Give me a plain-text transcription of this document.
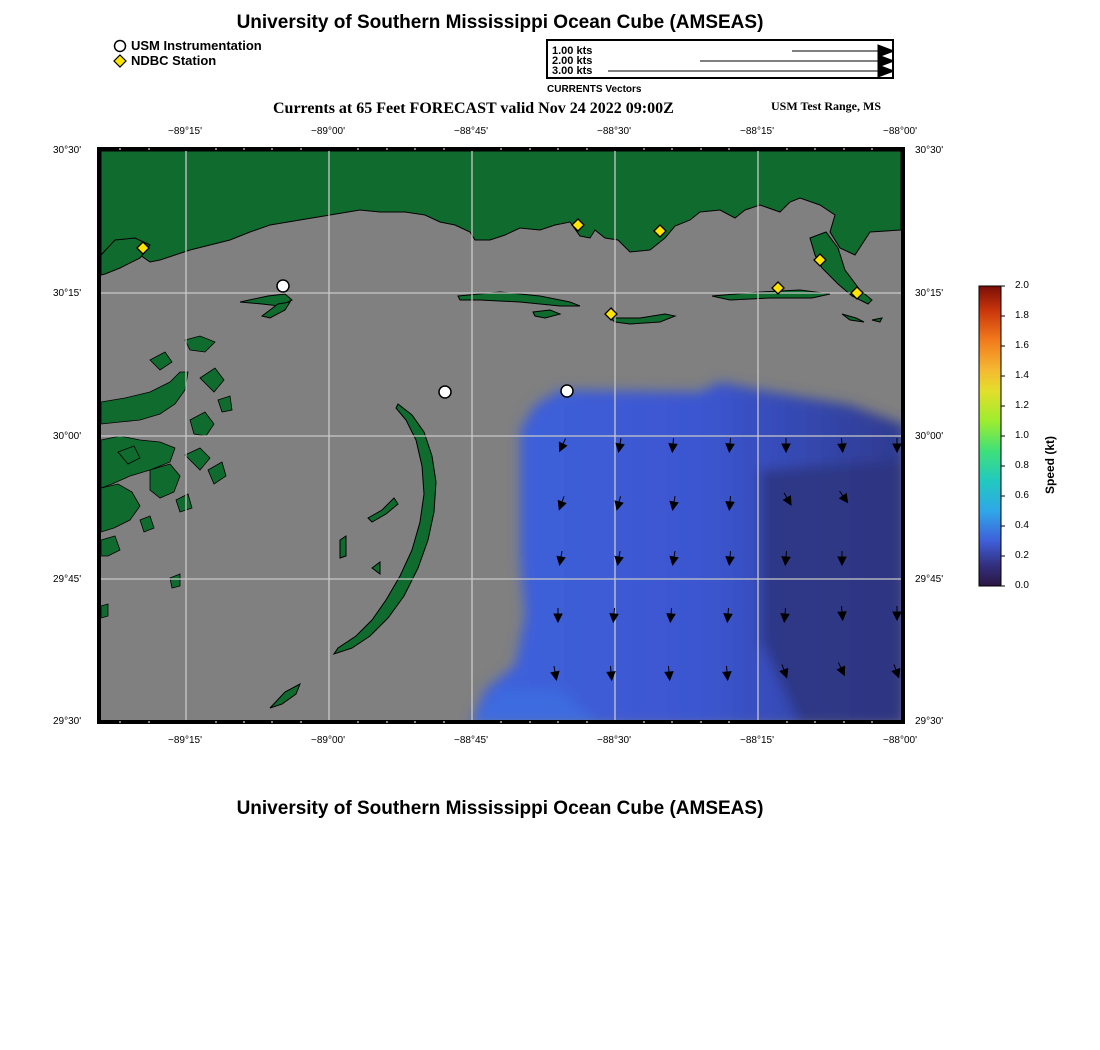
University of Southern Mississippi Ocean Cube (AMSEAS)
USM Instrumentation
NDBC Station
1.00 kts
2.00 kts
3.00 kts
CURRENTS Vectors
Currents at 65 Feet FORECAST valid Nov 24 2022 09:00Z	USM Test Range, MS
−89°15'	−89°00'	−88°45'	−88°30'	−88°15'	−88°00'
−89°15'	−89°00'	−88°45'	−88°30'	−88°15'	−88°00'
30°30'
30°15'
30°00'
29°45'
29°30'
30°30'
30°15'
30°00'
29°45'
29°30'
2.0
1.8
1.6
1.4
1.2
1.0
0.8
0.6
0.4
0.2
0.0
Speed (kt)
University of Southern Mississippi Ocean Cube (AMSEAS)
